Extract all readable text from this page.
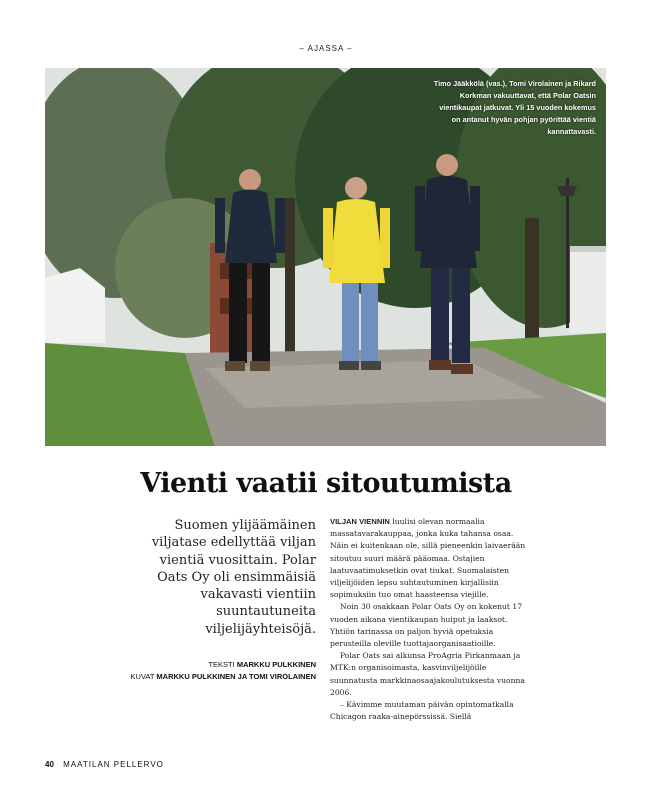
– AJASSA –
Timo Jääkkölä (vas.), Tomi Virolainen ja Rikard Korkman vakuuttavat, että Polar Oatsin vientikaupat jatkuvat. Yli 15 vuoden kokemus on antanut hyvän pohjan pyörittää vientiä kannattavasti.
Vienti vaatii sitoutumista
Suomen ylijäämäinen viljatase edellyttää viljan vientiä vuosittain. Polar Oats Oy oli ensimmäisiä vakavasti vientiin suuntautuneita viljelijäyhteisöjä.
TEKSTI MARKKU PULKKINEN
KUVAT MARKKU PULKKINEN JA TOMI VIROLAINEN

VILJAN VIENNIN luulisi olevan normaalia massatavarakauppaa, jonka kuka tahansa osaa. Näin ei kuitenkaan ole, sillä pieneenkin laivaerään sitoutuu suuri määrä pääomaa. Ostajien laatuvaatimuksetkin ovat tiukat. Suomalaisten viljelijöiden lepsu suhtautuminen kirjallisiin sopimuksiin tuo omat haasteensa viejille.

Noin 30 osakkaan Polar Oats Oy on kokenut 17 vuoden aikana vientikaupan huiput ja laaksot. Yhtiön tarinassa on paljon hyviä opetuksia perusteilla oleville tuottajaorganisaatioille.

Polar Oats sai alkunsa ProAgria Pirkanmaan ja MTK:n organisoimasta, kasvinviljelijöille suunnatusta markkinaosaajakoulutuksesta vuonna 2006.

– Kävimme muutaman päivän opintomatkalla Chicagon raaka-ainepörssissä. Siellä

40 MAATILAN PELLERVO
